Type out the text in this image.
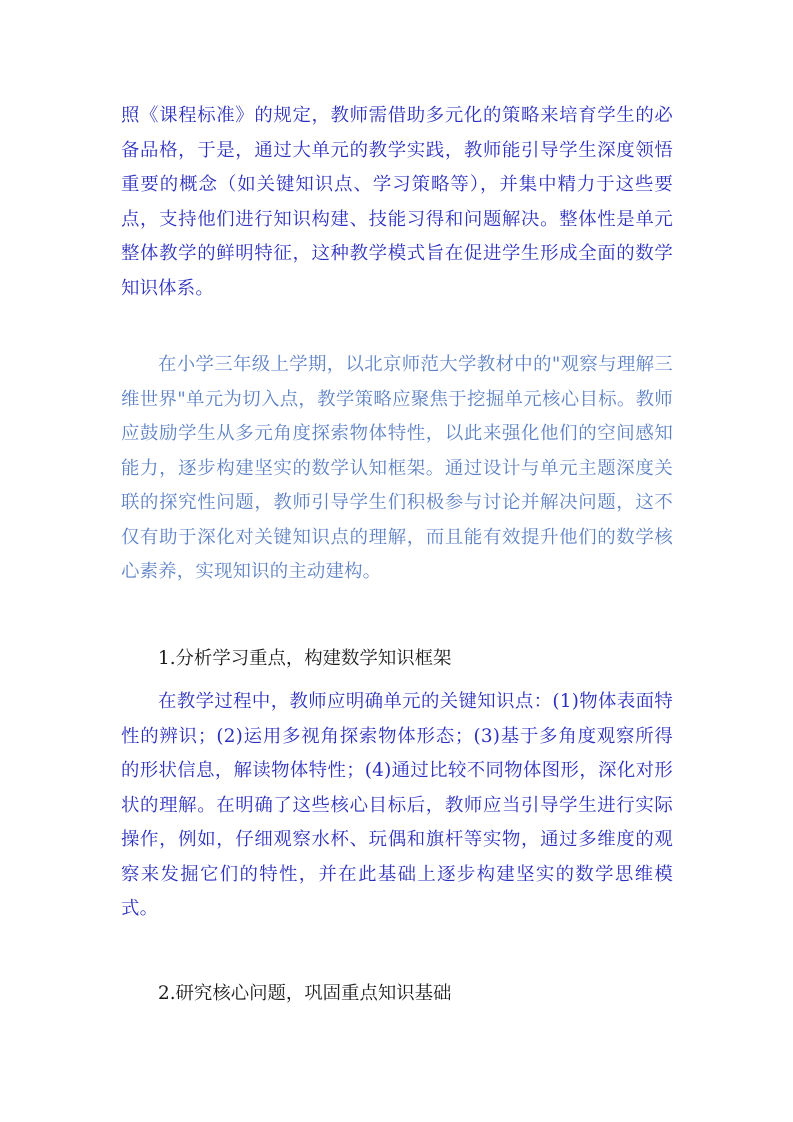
照《课程标准》的规定，教师需借助多元化的策略来培育学生的必备品格，于是，通过大单元的教学实践，教师能引导学生深度领悟重要的概念（如关键知识点、学习策略等），并集中精力于这些要点，支持他们进行知识构建、技能习得和问题解决。整体性是单元整体教学的鲜明特征，这种教学模式旨在促进学生形成全面的数学知识体系。

在小学三年级上学期，以北京师范大学教材中的"观察与理解三维世界"单元为切入点，教学策略应聚焦于挖掘单元核心目标。教师应鼓励学生从多元角度探索物体特性，以此来强化他们的空间感知能力，逐步构建坚实的数学认知框架。通过设计与单元主题深度关联的探究性问题，教师引导学生们积极参与讨论并解决问题，这不仅有助于深化对关键知识点的理解，而且能有效提升他们的数学核心素养，实现知识的主动建构。

1.分析学习重点，构建数学知识框架

在教学过程中，教师应明确单元的关键知识点：(1)物体表面特性的辨识；(2)运用多视角探索物体形态；(3)基于多角度观察所得的形状信息，解读物体特性；(4)通过比较不同物体图形，深化对形状的理解。在明确了这些核心目标后，教师应当引导学生进行实际操作，例如，仔细观察水杯、玩偶和旗杆等实物，通过多维度的观察来发掘它们的特性，并在此基础上逐步构建坚实的数学思维模式。

2.研究核心问题，巩固重点知识基础
